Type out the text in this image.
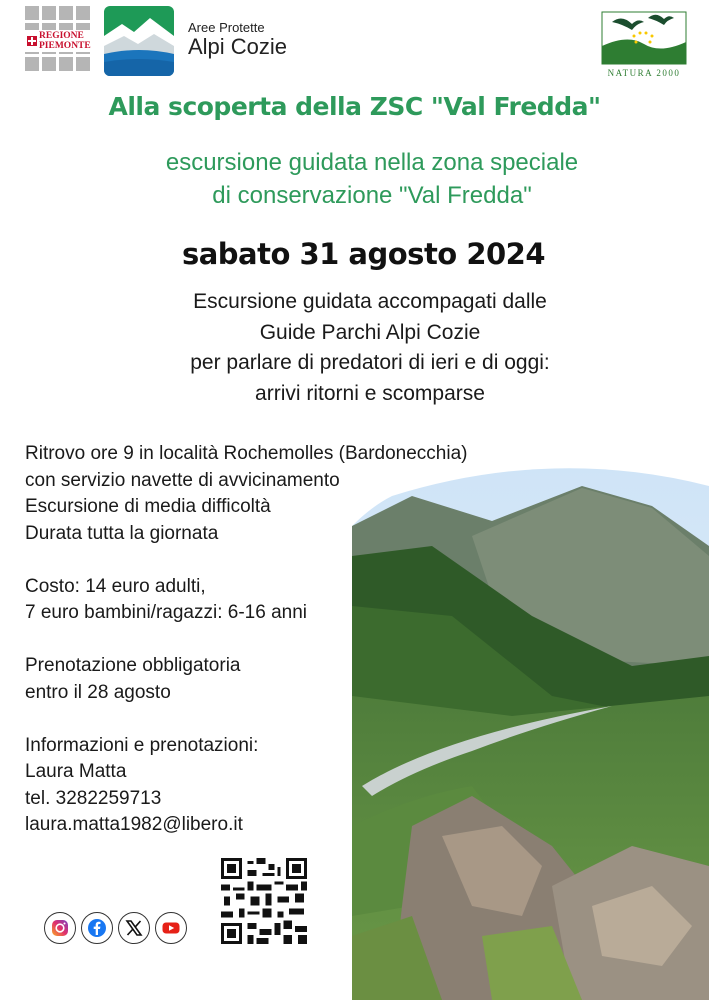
REGIONE
PIEMONTE
Aree Protette
Alpi Cozie
NATURA 2000
Alla scoperta della ZSC "Val Fredda"
escursione guidata nella zona speciale
di conservazione "Val Fredda"
sabato 31 agosto 2024
Escursione guidata accompagati dalle
Guide Parchi Alpi Cozie
per parlare di predatori di ieri e di oggi:
arrivi ritorni e scomparse
Ritrovo ore 9 in località Rochemolles (Bardonecchia)
con servizio navette di avvicinamento
Escursione di media difficoltà
Durata tutta la giornata
Costo: 14 euro adulti,
7 euro bambini/ragazzi: 6-16 anni
Prenotazione obbligatoria
entro il 28 agosto
Informazioni e prenotazioni:
Laura Matta
tel. 3282259713
laura.matta1982@libero.it
